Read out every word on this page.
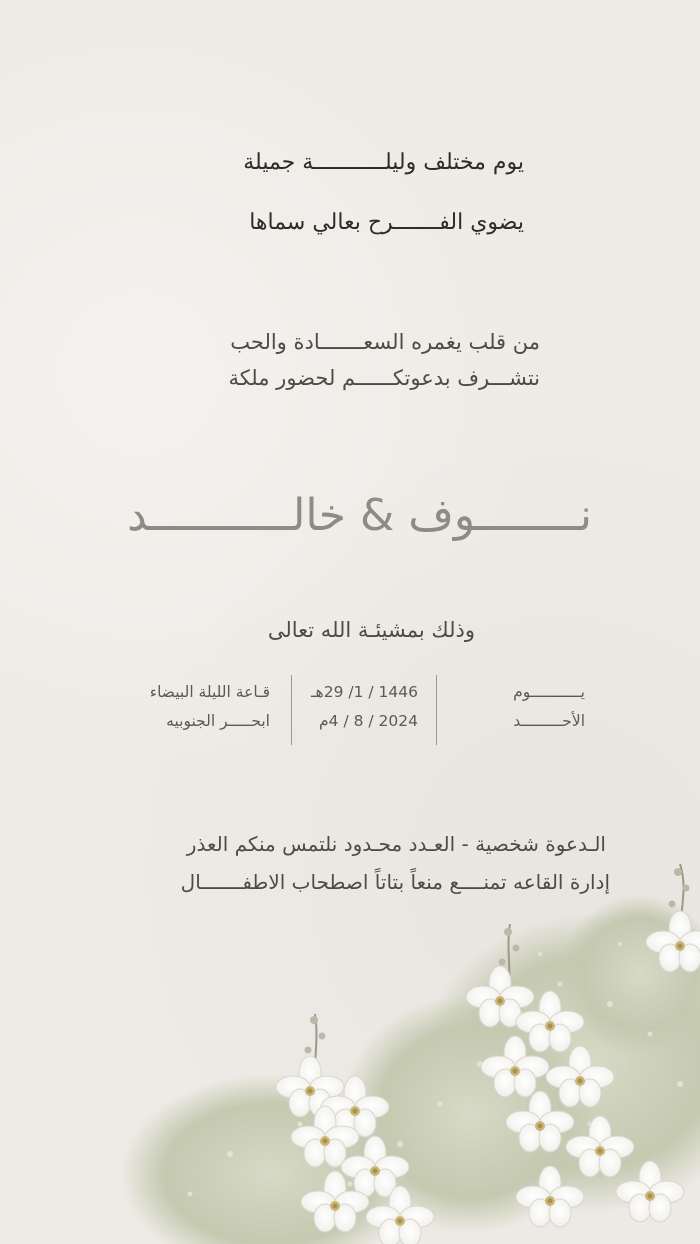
يوم مختلف وليلـــــــــــة جميلة
يضوي الفـــــــرح بعالي سماها
من قلب يغمره السعـــــــادة والحب
نتشـــرف بدعوتكــــــم لحضور ملكة
نــــــــوف & خالـــــــــــد
وذلك بمشيئـة الله تعالى
يـــــــــــوم
الأحـــــــــد
1446 / 1/ 29هـ
2024 / 8 / 4م
قـاعة الليلة البيضاء
ابحـــــر الجنوبيه
الـدعوة شخصية - العـدد محـدود نلتمس منكم العذر
إدارة القاعه تمنــــع منعاً بتاتاً اصطحاب الاطفـــــــال
